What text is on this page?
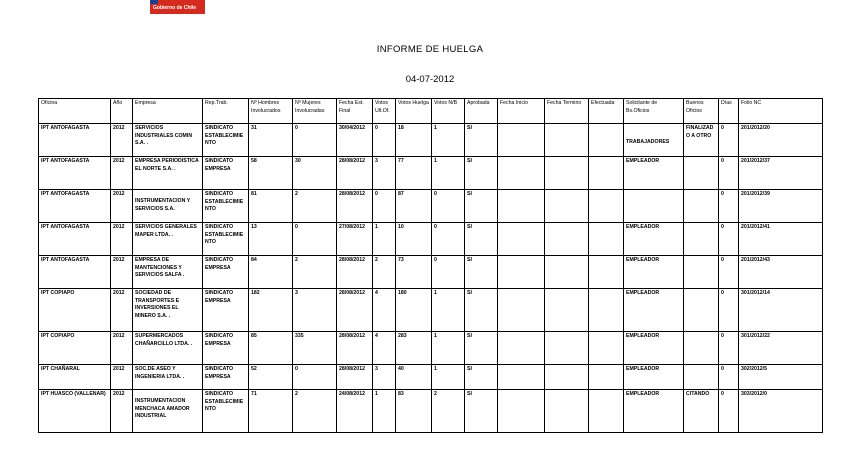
Gobierno de Chile
INFORME DE HUELGA
04-07-2012
Oficina	Año	Empresa	Rep.Trab.	Nº Hombres Involucrados	Nº Mujeres Involucradas	Fecha Est. Final	Votos Ult.Of.	Votos Huelga	Votos N/B	Aprobada	Fecha Inicio	Fecha Termino	Efectuada	Solicitante de Bs.Oficios	Buenos Oficios	Días	Folio NC
IPT ANTOFAGASTA	2012	SERVICIOS INDUSTRIALES COMIN S.A. .	SINDICATO ESTABLECIMIENTO	31	0	30/04/2012	0	18	1	SI				TRABAJADORES	FINALIZADO A OTRO	0	201/2012/20
IPT ANTOFAGASTA	2012	EMPRESA PERIODISTICA EL NORTE S.A. .	SINDICATO EMPRESA	58	30	28/08/2012	3	77	1	SI				EMPLEADOR		0	201/2012/37
IPT ANTOFAGASTA	2012	INSTRUMENTACION Y SERVICIOS S.A.	SINDICATO ESTABLECIMIENTO	81	2	28/08/2012	0	87	0	SI						0	201/2012/39
IPT ANTOFAGASTA	2012	SERVICIOS GENERALES MAPER LTDA. .	SINDICATO ESTABLECIMIENTO	13	0	27/08/2012	1	10	0	SI				EMPLEADOR		0	201/2012/41
IPT ANTOFAGASTA	2012	EMPRESA DE MANTENCIONES Y SERVICIOS SALFA .	SINDICATO EMPRESA	84	2	28/08/2012	2	73	0	SI				EMPLEADOR		0	201/2012/43
IPT COPIAPO	2012	SOCIEDAD DE TRANSPORTES E INVERSIONES EL MINERO S.A. .	SINDICATO EMPRESA	182	3	28/08/2012	4	180	1	SI				EMPLEADOR		0	301/2012/14
IPT COPIAPO	2012	SUPERMERCADOS CHAÑARCILLO LTDA. .	SINDICATO EMPRESA	85	335	28/08/2012	4	283	1	SI				EMPLEADOR		0	301/2012/22
IPT CHAÑARAL	2012	SOC.DE ASEO Y INGENIERIA LTDA. .	SINDICATO EMPRESA	52	0	28/08/2012	3	40	1	SI				EMPLEADOR		0	302/2012/5
IPT HUASCO (VALLENAR)	2012	INSTRUMENTACION MENCHACA AMADOR INDUSTRIAL	SINDICATO ESTABLECIMIENTO	71	2	24/08/2012	1	83	2	SI				EMPLEADOR	CITANDO	0	303/2012/0
